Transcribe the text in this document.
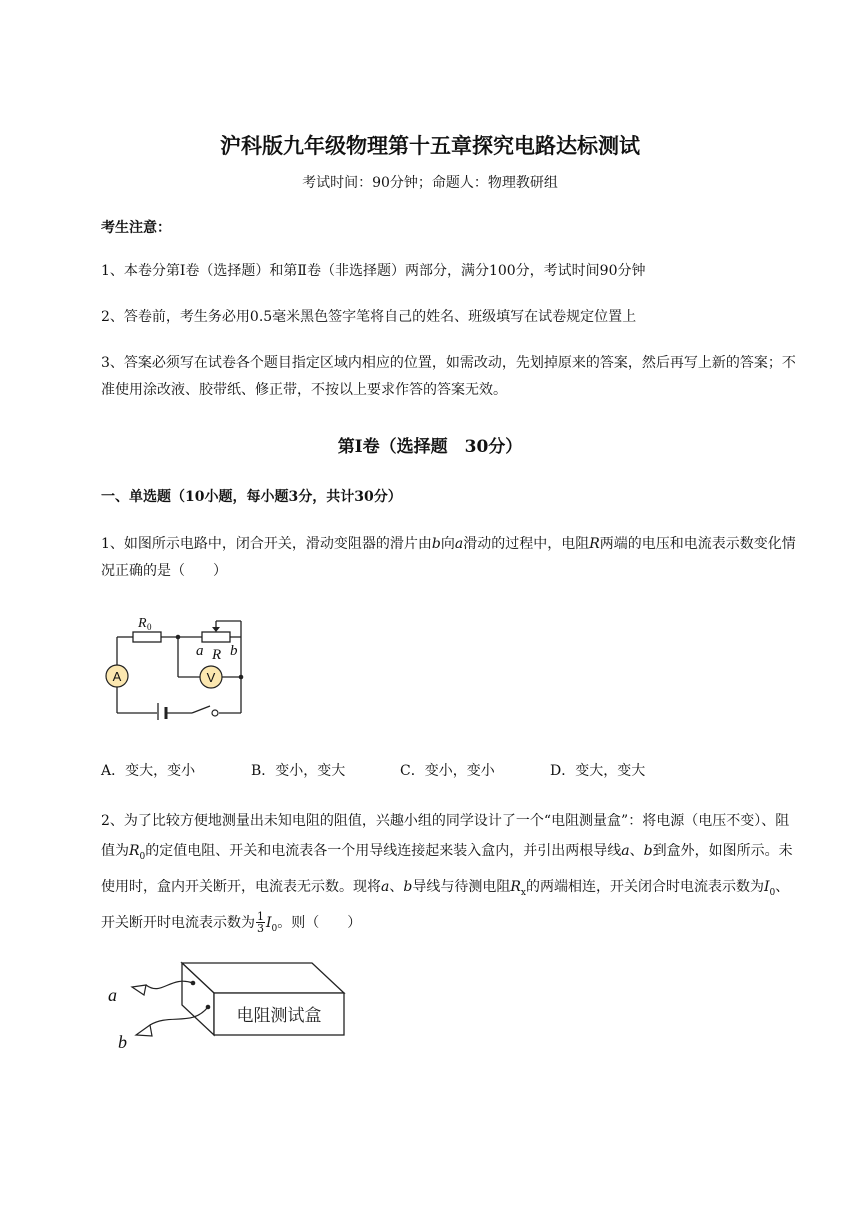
沪科版九年级物理第十五章探究电路达标测试
考试时间：90分钟；命题人：物理教研组
考生注意：
1、本卷分第Ⅰ卷（选择题）和第Ⅱ卷（非选择题）两部分，满分100分，考试时间90分钟
2、答卷前，考生务必用0.5毫米黑色签字笔将自己的姓名、班级填写在试卷规定位置上
3、答案必须写在试卷各个题目指定区域内相应的位置，如需改动，先划掉原来的答案，然后再写上新的答案；不准使用涂改液、胶带纸、修正带，不按以上要求作答的答案无效。
第Ⅰ卷（选择题　30分）
一、单选题（10小题，每小题3分，共计30分）
1、如图所示电路中，闭合开关，滑动变阻器的滑片由b向a滑动的过程中，电阻R两端的电压和电流表示数变化情况正确的是（　　）
A	V
R 0
a R b
A．变大，变小	B．变小，变大	C．变小，变小	D．变大，变大
2、为了比较方便地测量出未知电阻的阻值，兴趣小组的同学设计了一个“电阻测量盒”：将电源（电压不变）、阻值为$R_0$的定值电阻、开关和电流表各一个用导线连接起来装入盒内，并引出两根导线a、b到盒外，如图所示。未使用时，盒内开关断开，电流表无示数。现将a、b导线与待测电阻$R_x$的两端相连，开关闭合时电流表示数为$I_0$、开关断开时电流表示数为 $\frac{1}{3} I_0$。则（　　）
电阻测试盒
a
b
